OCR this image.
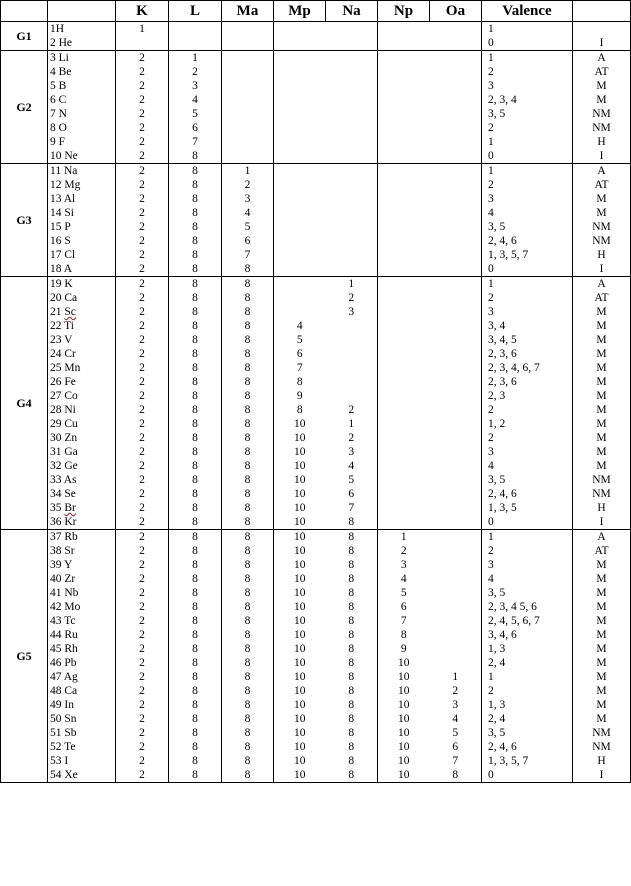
		K	L	Ma	Mp	Na	Np	Oa	Valence	
G1	1H	1							1	
	2 He								0	I
G2	3 Li	2	1						1	A
	4 Be	2	2						2	AT
	5 B	2	3						3	M
	6 C	2	4						2, 3, 4	M
	7 N	2	5						3, 5	NM
	8 O	2	6						2	NM
	9 F	2	7						1	H
	10 Ne	2	8						0	I
G3	11 Na	2	8	1					1	A
	12 Mg	2	8	2					2	AT
	13 Al	2	8	3					3	M
	14 Si	2	8	4					4	M
	15 P	2	8	5					3, 5	NM
	16 S	2	8	6					2, 4, 6	NM
	17 Cl	2	8	7					1, 3, 5, 7	H
	18 A	2	8	8					0	I
G4	19 K	2	8	8		1			1	A
	20 Ca	2	8	8		2			2	AT
	21 Sc	2	8	8		3			3	M
	22 Ti	2	8	8	4				3, 4	M
	23 V	2	8	8	5				3, 4, 5	M
	24 Cr	2	8	8	6				2, 3, 6	M
	25 Mn	2	8	8	7				2, 3, 4, 6, 7	M
	26 Fe	2	8	8	8				2, 3, 6	M
	27 Co	2	8	8	9				2, 3	M
	28 Ni	2	8	8	8	2			2	M
	29 Cu	2	8	8	10	1			1, 2	M
	30 Zn	2	8	8	10	2			2	M
	31 Ga	2	8	8	10	3			3	M
	32 Ge	2	8	8	10	4			4	M
	33 As	2	8	8	10	5			3, 5	NM
	34 Se	2	8	8	10	6			2, 4, 6	NM
	35 Br	2	8	8	10	7			1, 3, 5	H
	36 Kr	2	8	8	10	8			0	I
G5	37 Rb	2	8	8	10	8	1		1	A
	38 Sr	2	8	8	10	8	2		2	AT
	39 Y	2	8	8	10	8	3		3	M
	40 Zr	2	8	8	10	8	4		4	M
	41 Nb	2	8	8	10	8	5		3, 5	M
	42 Mo	2	8	8	10	8	6		2, 3, 4 5, 6	M
	43 Tc	2	8	8	10	8	7		2, 4, 5, 6, 7	M
	44 Ru	2	8	8	10	8	8		3, 4, 6	M
	45 Rh	2	8	8	10	8	9		1, 3	M
	46 Pb	2	8	8	10	8	10		2, 4	M
	47 Ag	2	8	8	10	8	10	1	1	M
	48 Ca	2	8	8	10	8	10	2	2	M
	49 In	2	8	8	10	8	10	3	1, 3	M
	50 Sn	2	8	8	10	8	10	4	2, 4	M
	51 Sb	2	8	8	10	8	10	5	3, 5	NM
	52 Te	2	8	8	10	8	10	6	2, 4, 6	NM
	53 I	2	8	8	10	8	10	7	1, 3, 5, 7	H
	54 Xe	2	8	8	10	8	10	8	0	I
